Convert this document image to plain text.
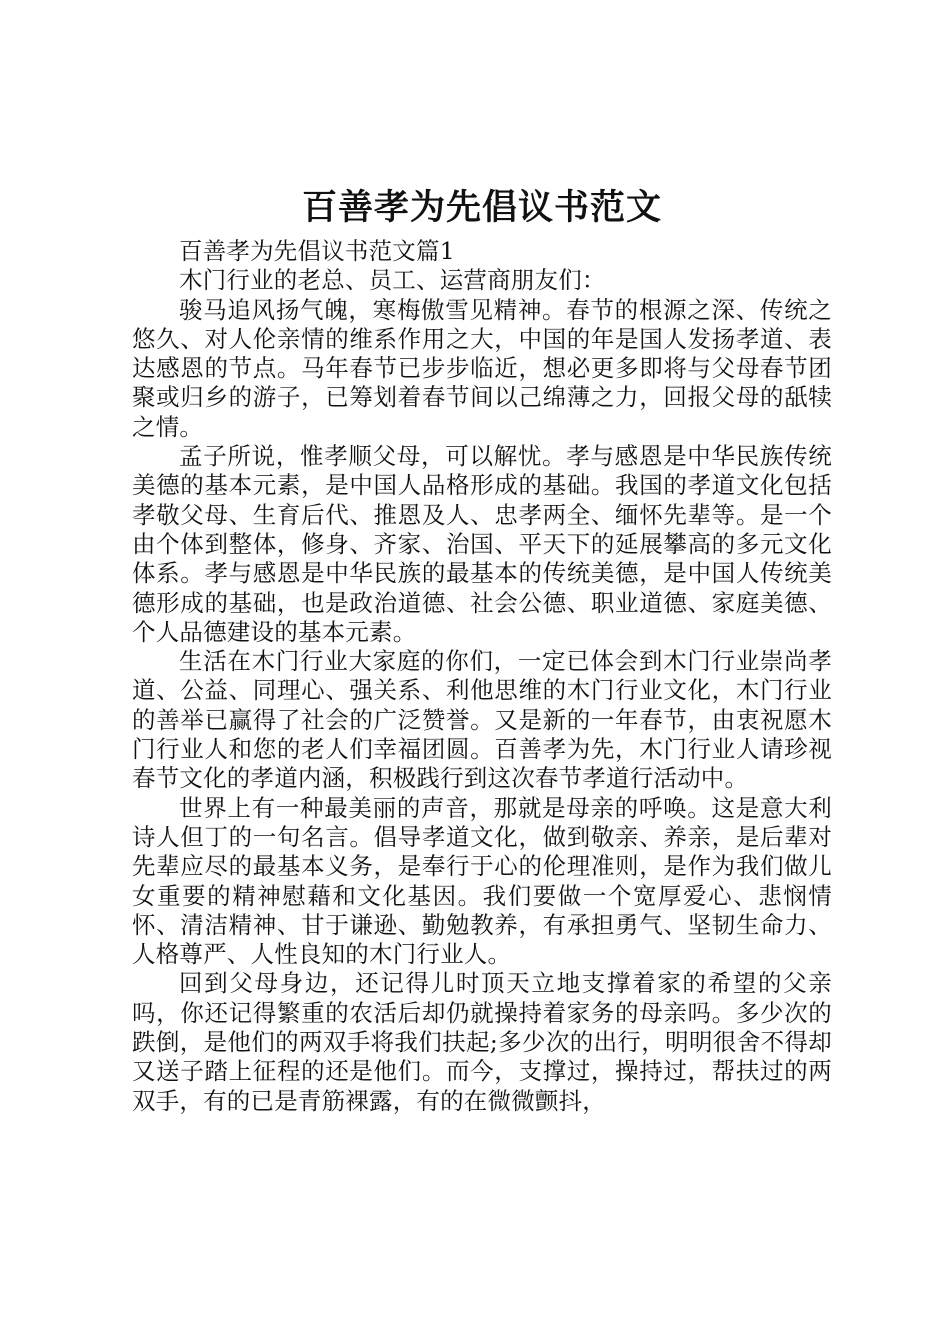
百善孝为先倡议书范文

百善孝为先倡议书范文篇1

木门行业的老总、员工、运营商朋友们：

骏马追风扬气魄，寒梅傲雪见精神。春节的根源之深、传统之悠久、对人伦亲情的维系作用之大，中国的年是国人发扬孝道、表达感恩的节点。马年春节已步步临近，想必更多即将与父母春节团聚或归乡的游子，已筹划着春节间以己绵薄之力，回报父母的舐犊之情。

孟子所说，惟孝顺父母，可以解忧。孝与感恩是中华民族传统美德的基本元素，是中国人品格形成的基础。我国的孝道文化包括孝敬父母、生育后代、推恩及人、忠孝两全、缅怀先辈等。是一个由个体到整体，修身、齐家、治国、平天下的延展攀高的多元文化体系。孝与感恩是中华民族的最基本的传统美德，是中国人传统美德形成的基础，也是政治道德、社会公德、职业道德、家庭美德、个人品德建设的基本元素。

生活在木门行业大家庭的你们，一定已体会到木门行业崇尚孝道、公益、同理心、强关系、利他思维的木门行业文化，木门行业的善举已赢得了社会的广泛赞誉。又是新的一年春节，由衷祝愿木门行业人和您的老人们幸福团圆。百善孝为先，木门行业人请珍视春节文化的孝道内涵，积极践行到这次春节孝道行活动中。

世界上有一种最美丽的声音，那就是母亲的呼唤。这是意大利诗人但丁的一句名言。倡导孝道文化，做到敬亲、养亲，是后辈对先辈应尽的最基本义务，是奉行于心的伦理准则，是作为我们做儿女重要的精神慰藉和文化基因。我们要做一个宽厚爱心、悲悯情怀、清洁精神、甘于谦逊、勤勉教养，有承担勇气、坚韧生命力、人格尊严、人性良知的木门行业人。

回到父母身边，还记得儿时顶天立地支撑着家的希望的父亲吗，你还记得繁重的农活后却仍就操持着家务的母亲吗。多少次的跌倒，是他们的两双手将我们扶起;多少次的出行，明明很舍不得却又送子踏上征程的还是他们。而今，支撑过，操持过，帮扶过的两双手，有的已是青筋裸露，有的在微微颤抖，
